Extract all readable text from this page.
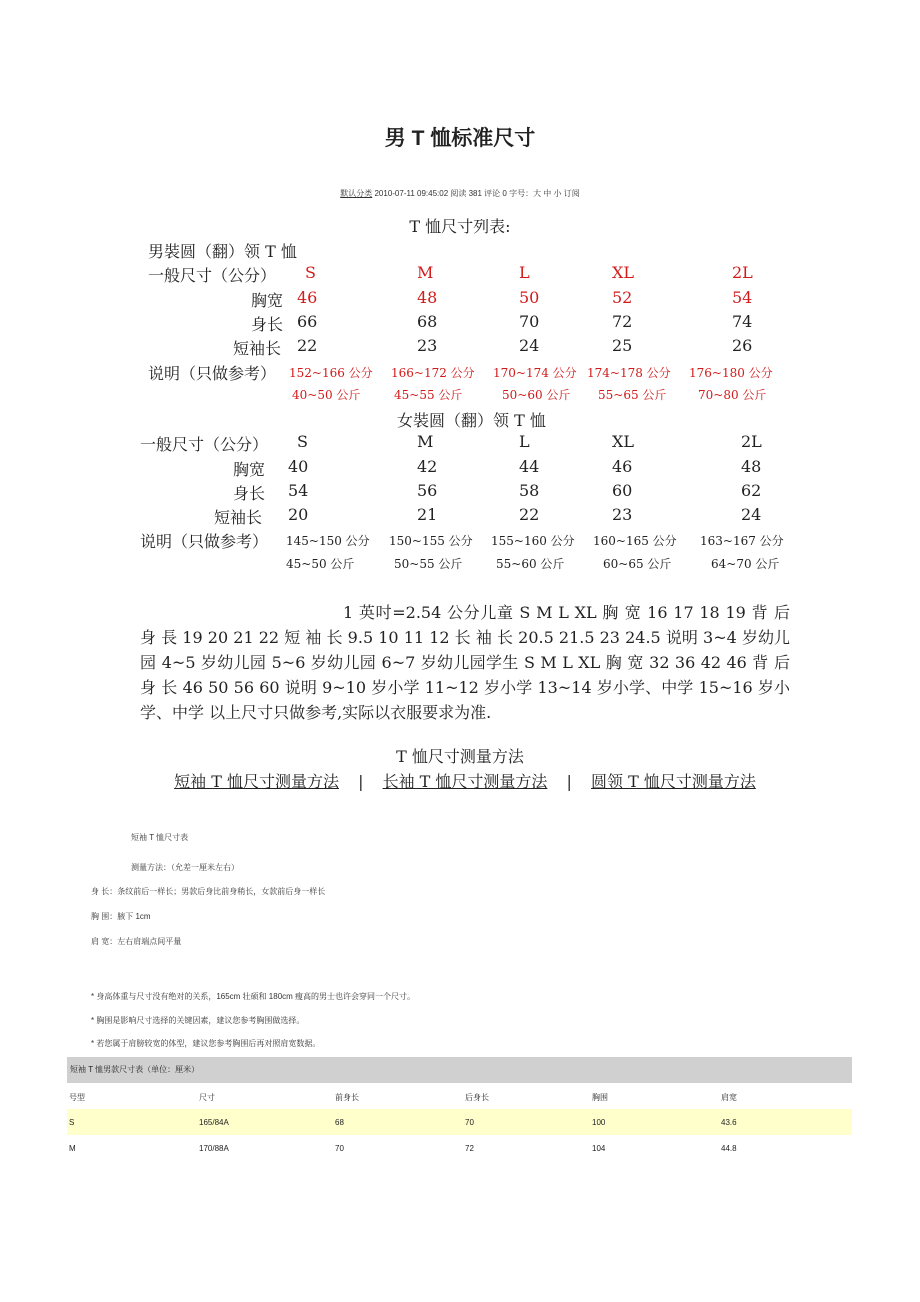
男 T 恤标准尺寸
默认分类 2010-07-11 09:45:02 阅读 381 评论 0 字号：大 中 小 订阅
T 恤尺寸列表:
男裝圆（翻）领 T 恤
一般尺寸（公分） S	M	L	XL	2L
胸宽 46	48	50	52	54
身长 66	68	70	72	74
短袖长 22	23	24	25	26
说明（只做参考） 152~166 公分 166~172 公分 170~174 公分 174~178 公分 176~180 公分
40~50 公斤	45~55 公斤	50~60 公斤 55~65 公斤	70~80 公斤
女裝圆（翻）领 T 恤
一般尺寸（公分） S	M	L	XL	2L
胸宽 40	42	44	46	48
身长 54	56	58	60	62
短袖长 20	21	22	23	24
说明（只做参考） 145~150 公分 150~155 公分 155~160 公分 160~165 公分 163~167 公分
45~50 公斤	50~55 公斤	55~60 公斤	60~65 公斤	64~70 公斤
1 英吋=2.54 公分儿童 S M L XL 胸 宽 16 17 18 19 背 后 身 長 19 20 21 22 短 袖 长 9.5 10 11 12 长 袖 长 20.5 21.5 23 24.5 说明 3~4 岁幼儿园 4~5 岁幼儿园 5~6 岁幼儿园 6~7 岁幼儿园学生 S M L XL 胸 宽 32 36 42 46 背 后 身 长 46 50 56 60 说明 9~10 岁小学 11~12 岁小学 13~14 岁小学、中学 15~16 岁小学、中学 以上尺寸只做参考,实际以衣服要求为准.
T 恤尺寸测量方法
短袖 T 恤尺寸测量方法 | 长袖 T 恤尺寸测量方法 | 圆领 T 恤尺寸测量方法
短袖 T 恤尺寸表
测量方法：（允差一厘米左右）
身 长：条纹前后一样长；男款后身比前身稍长，女款前后身一样长
胸 围：腋下 1cm
肩 宽：左右肩端点间平量
* 身高体重与尺寸没有绝对的关系，165cm 壮硕和 180cm 瘦高的男士也许会穿同一个尺寸。
* 胸围是影响尺寸选择的关键因素，建议您参考胸围做选择。
* 若您属于肩膀较宽的体型，建议您参考胸围后再对照肩宽数据。
短袖 T 恤男款尺寸表（单位：厘米）
号型	尺寸	前身长	后身长	胸围	肩宽
S	165/84A	68	70	100	43.6
M	170/88A	70	72	104	44.8
